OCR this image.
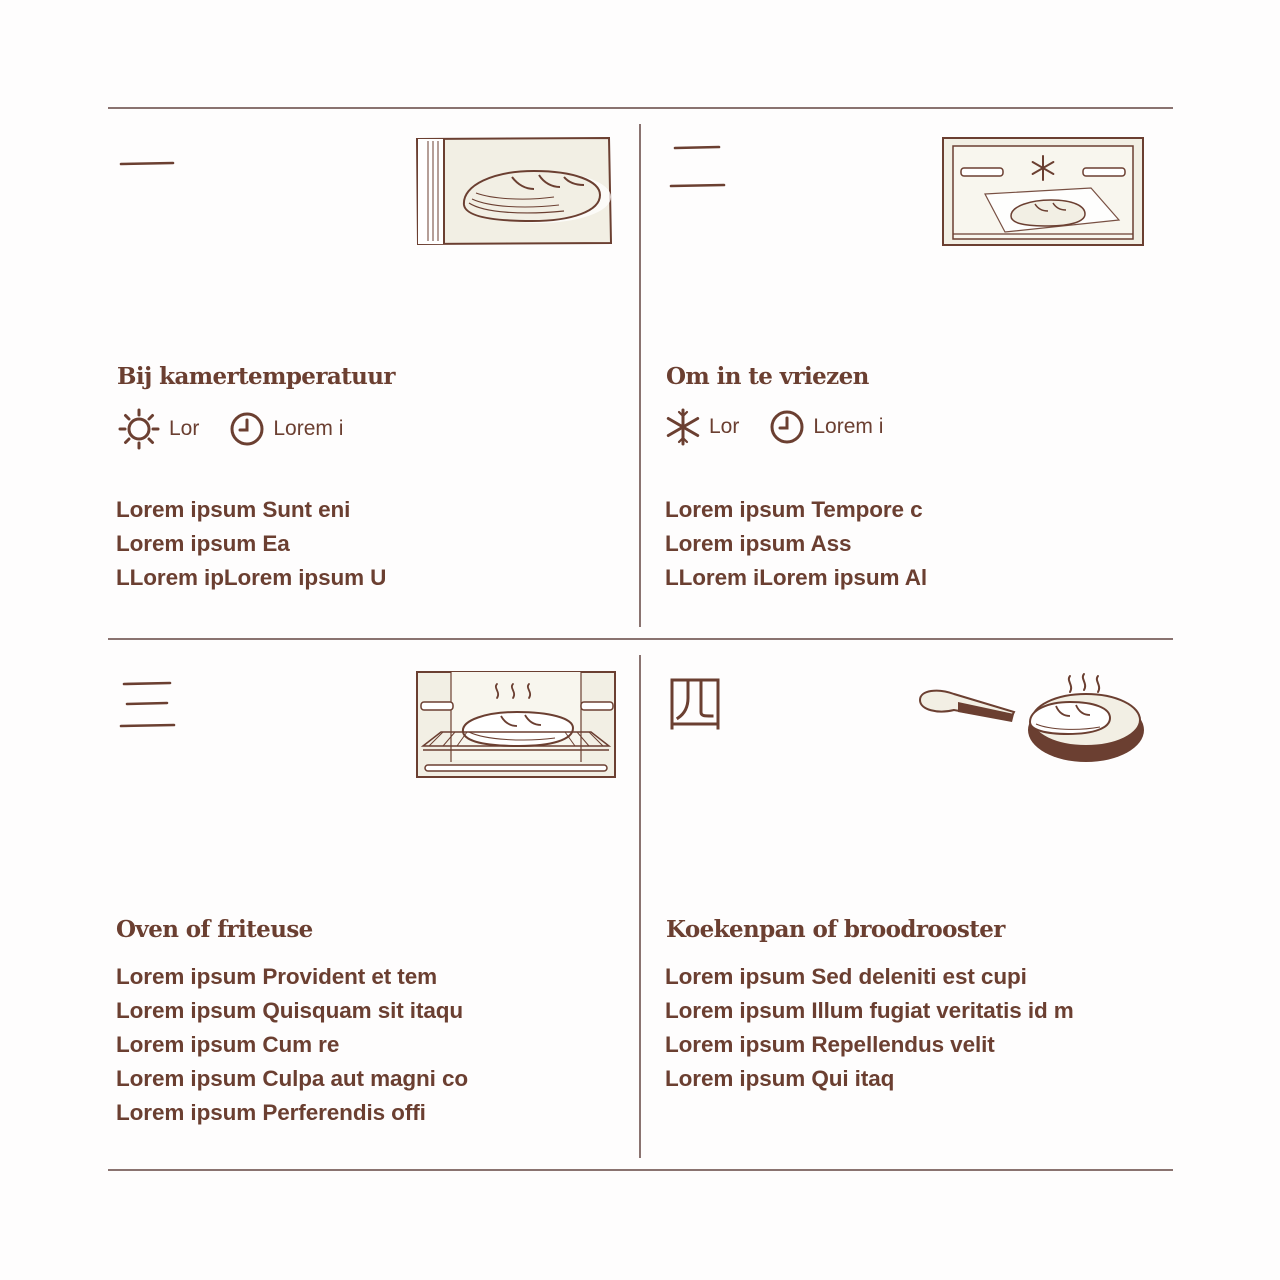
Bij kamertemperatuur
Lor	Lorem i
Lorem ipsum Sunt eni
Lorem ipsum Ea
LLorem ipLorem ipsum U
Om in te vriezen
Lor	Lorem i
Lorem ipsum Tempore c
Lorem ipsum Ass
LLorem iLorem ipsum Al
Oven of friteuse
Lorem ipsum Provident et tem
Lorem ipsum Quisquam sit itaqu
Lorem ipsum Cum re
Lorem ipsum Culpa aut magni co
Lorem ipsum Perferendis offi
Koekenpan of broodrooster
Lorem ipsum Sed deleniti est cupi
Lorem ipsum Illum fugiat veritatis id m
Lorem ipsum Repellendus velit
Lorem ipsum Qui itaq
